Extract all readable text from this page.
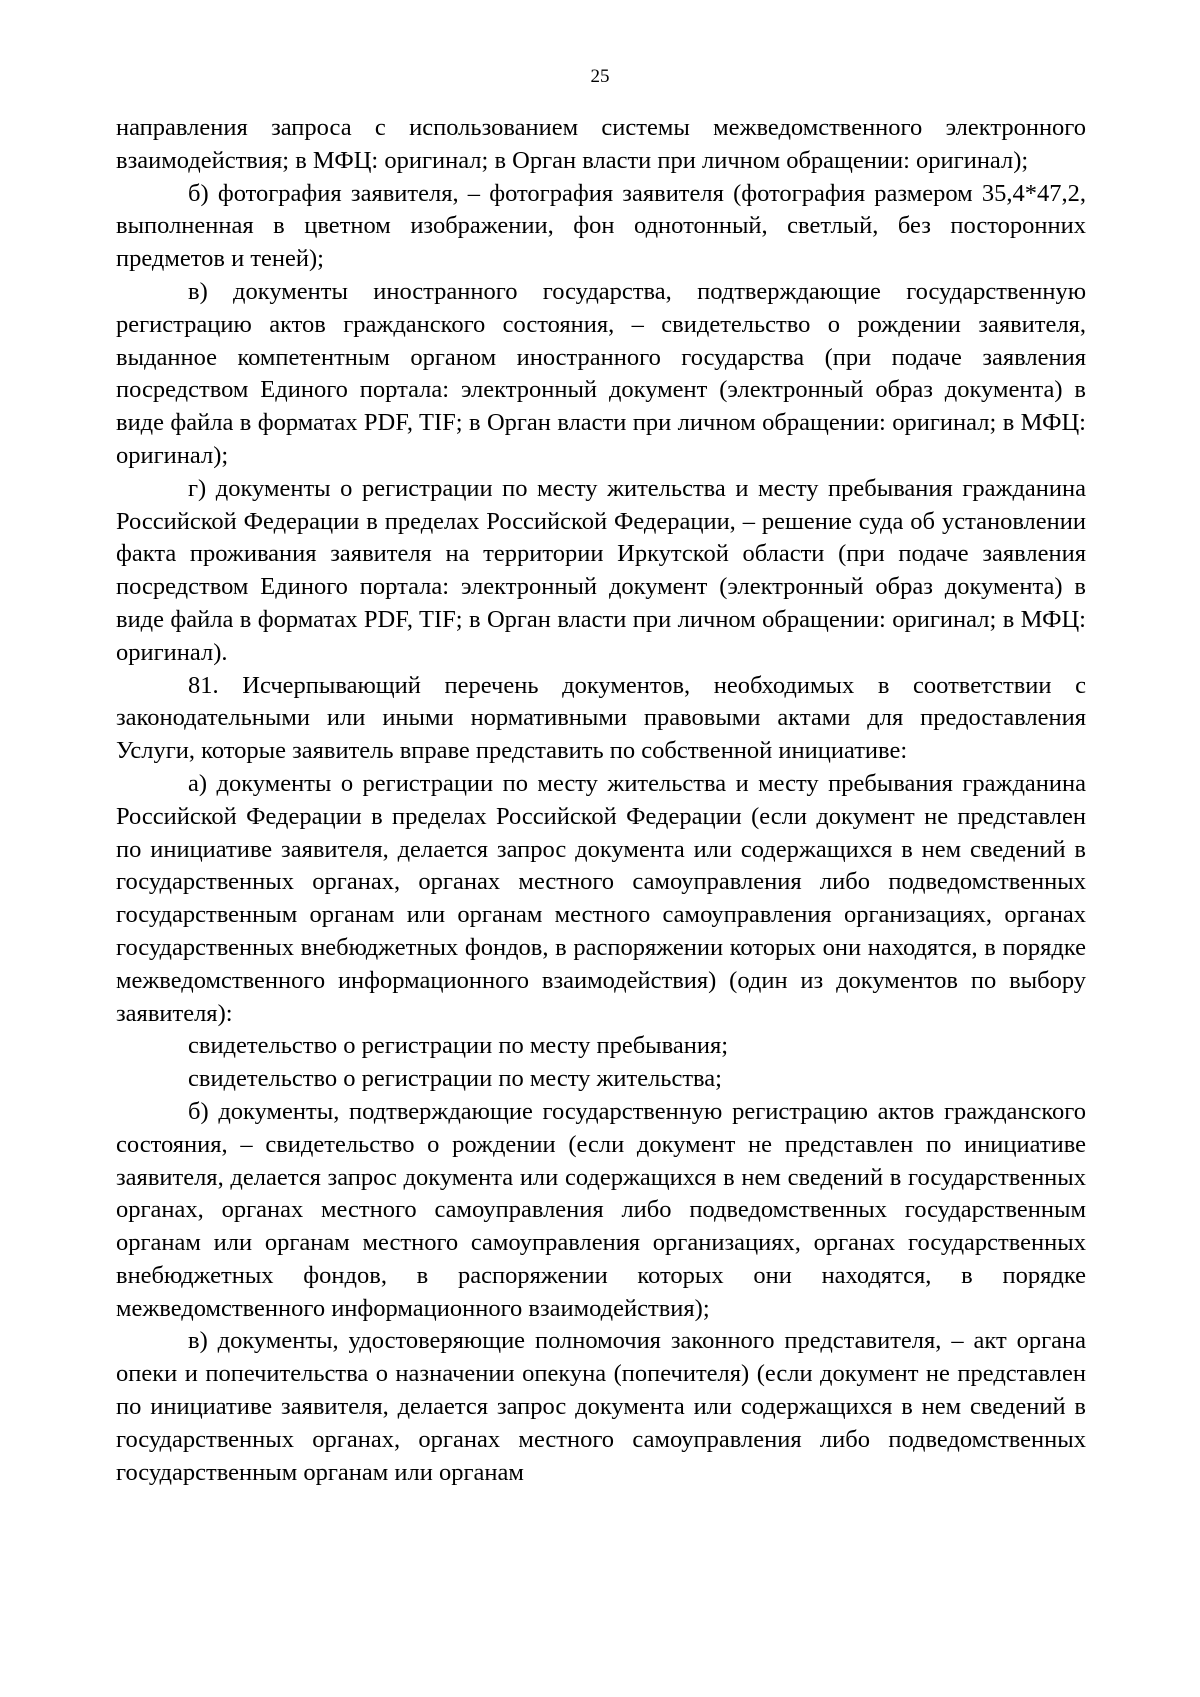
25

направления запроса с использованием системы межведомственного электронного взаимодействия; в МФЦ: оригинал; в Орган власти при личном обращении: оригинал);

б) фотография заявителя, – фотография заявителя (фотография размером 35,4*47,2, выполненная в цветном изображении, фон однотонный, светлый, без посторонних предметов и теней);

в) документы иностранного государства, подтверждающие государственную регистрацию актов гражданского состояния, – свидетельство о рождении заявителя, выданное компетентным органом иностранного государства (при подаче заявления посредством Единого портала: электронный документ (электронный образ документа) в виде файла в форматах PDF, TIF; в Орган власти при личном обращении: оригинал; в МФЦ: оригинал);

г) документы о регистрации по месту жительства и месту пребывания гражданина Российской Федерации в пределах Российской Федерации, – решение суда об установлении факта проживания заявителя на территории Иркутской области (при подаче заявления посредством Единого портала: электронный документ (электронный образ документа) в виде файла в форматах PDF, TIF; в Орган власти при личном обращении: оригинал; в МФЦ: оригинал).

81. Исчерпывающий перечень документов, необходимых в соответствии с законодательными или иными нормативными правовыми актами для предоставления Услуги, которые заявитель вправе представить по собственной инициативе:

а) документы о регистрации по месту жительства и месту пребывания гражданина Российской Федерации в пределах Российской Федерации (если документ не представлен по инициативе заявителя, делается запрос документа или содержащихся в нем сведений в государственных органах, органах местного самоуправления либо подведомственных государственным органам или органам местного самоуправления организациях, органах государственных внебюджетных фондов, в распоряжении которых они находятся, в порядке межведомственного информационного взаимодействия) (один из документов по выбору заявителя):

свидетельство о регистрации по месту пребывания;

свидетельство о регистрации по месту жительства;

б) документы, подтверждающие государственную регистрацию актов гражданского состояния, – свидетельство о рождении (если документ не представлен по инициативе заявителя, делается запрос документа или содержащихся в нем сведений в государственных органах, органах местного самоуправления либо подведомственных государственным органам или органам местного самоуправления организациях, органах государственных внебюджетных фондов, в распоряжении которых они находятся, в порядке межведомственного информационного взаимодействия);

в) документы, удостоверяющие полномочия законного представителя, – акт органа опеки и попечительства о назначении опекуна (попечителя) (если документ не представлен по инициативе заявителя, делается запрос документа или содержащихся в нем сведений в государственных органах, органах местного самоуправления либо подведомственных государственным органам или органам
